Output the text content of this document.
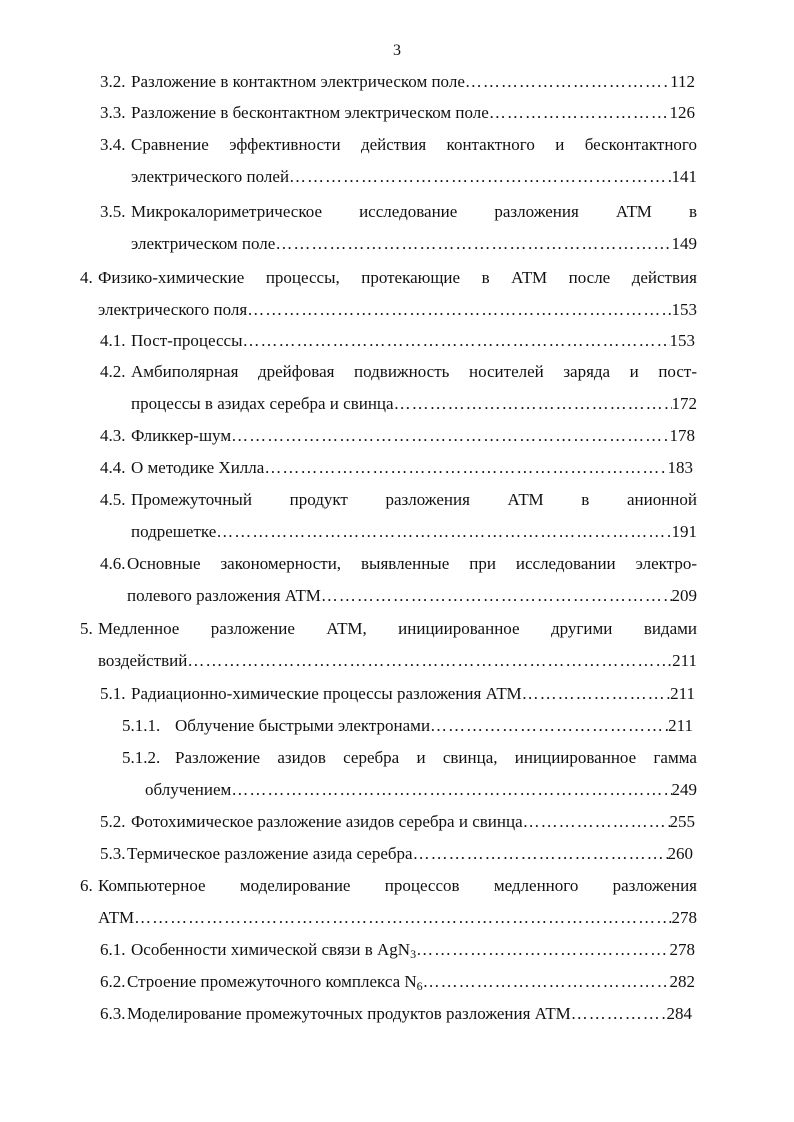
3
3.2. Разложение в контактном электрическом поле ………………………………………………………………………………………………………………………………………………………………………………………………	112
3.3. Разложение в бесконтактном электрическом поле ………………………………………………………………………………………………………………………………………………………………………………………………	126
3.4. Сравнение эффективности действия контактного и бесконтактного
электрического полей ………………………………………………………………………………………………………………………………………………………………………………………………	141
3.5. Микрокалориметрическое исследование разложения АТМ в
электрическом поле ………………………………………………………………………………………………………………………………………………………………………………………………	149
4. Физико-химические процессы, протекающие в АТМ после действия
электрического поля ………………………………………………………………………………………………………………………………………………………………………………………………	153
4.1. Пост-процессы ………………………………………………………………………………………………………………………………………………………………………………………………	153
4.2. Амбиполярная дрейфовая подвижность носителей заряда и пост-
процессы в азидах серебра и свинца ………………………………………………………………………………………………………………………………………………………………………………………………	172
4.3. Фликкер-шум ………………………………………………………………………………………………………………………………………………………………………………………………	178
4.4. О методике Хилла ………………………………………………………………………………………………………………………………………………………………………………………………	183
4.5. Промежуточный продукт разложения АТМ в анионной
подрешетке ………………………………………………………………………………………………………………………………………………………………………………………………	191
4.6. Основные закономерности, выявленные при исследовании электро-
полевого разложения АТМ ………………………………………………………………………………………………………………………………………………………………………………………………	209
5. Медленное разложение АТМ, инициированное другими видами
воздействий ………………………………………………………………………………………………………………………………………………………………………………………………	211
5.1. Радиационно-химические процессы разложения АТМ ………………………………………………………………………………………………………………………………………………………………………………………………	211
5.1.1. Облучение быстрыми электронами ………………………………………………………………………………………………………………………………………………………………………………………………	211
5.1.2. Разложение азидов серебра и свинца, инициированное гамма
облучением ………………………………………………………………………………………………………………………………………………………………………………………………	249
5.2. Фотохимическое разложение азидов серебра и свинца ………………………………………………………………………………………………………………………………………………………………………………………………	255
5.3. Термическое разложение азида серебра ………………………………………………………………………………………………………………………………………………………………………………………………	260
6. Компьютерное моделирование процессов медленного разложения
АТМ ………………………………………………………………………………………………………………………………………………………………………………………………	278
6.1. Особенности химической связи в AgN$_3$ ………………………………………………………………………………………………………………………………………………………………………………………………	278
6.2. Строение промежуточного комплекса $N_6$ ………………………………………………………………………………………………………………………………………………………………………………………………	282
6.3. Моделирование промежуточных продуктов разложения АТМ ………………………………………………………………………………………………………………………………………………………………………………………………	284
